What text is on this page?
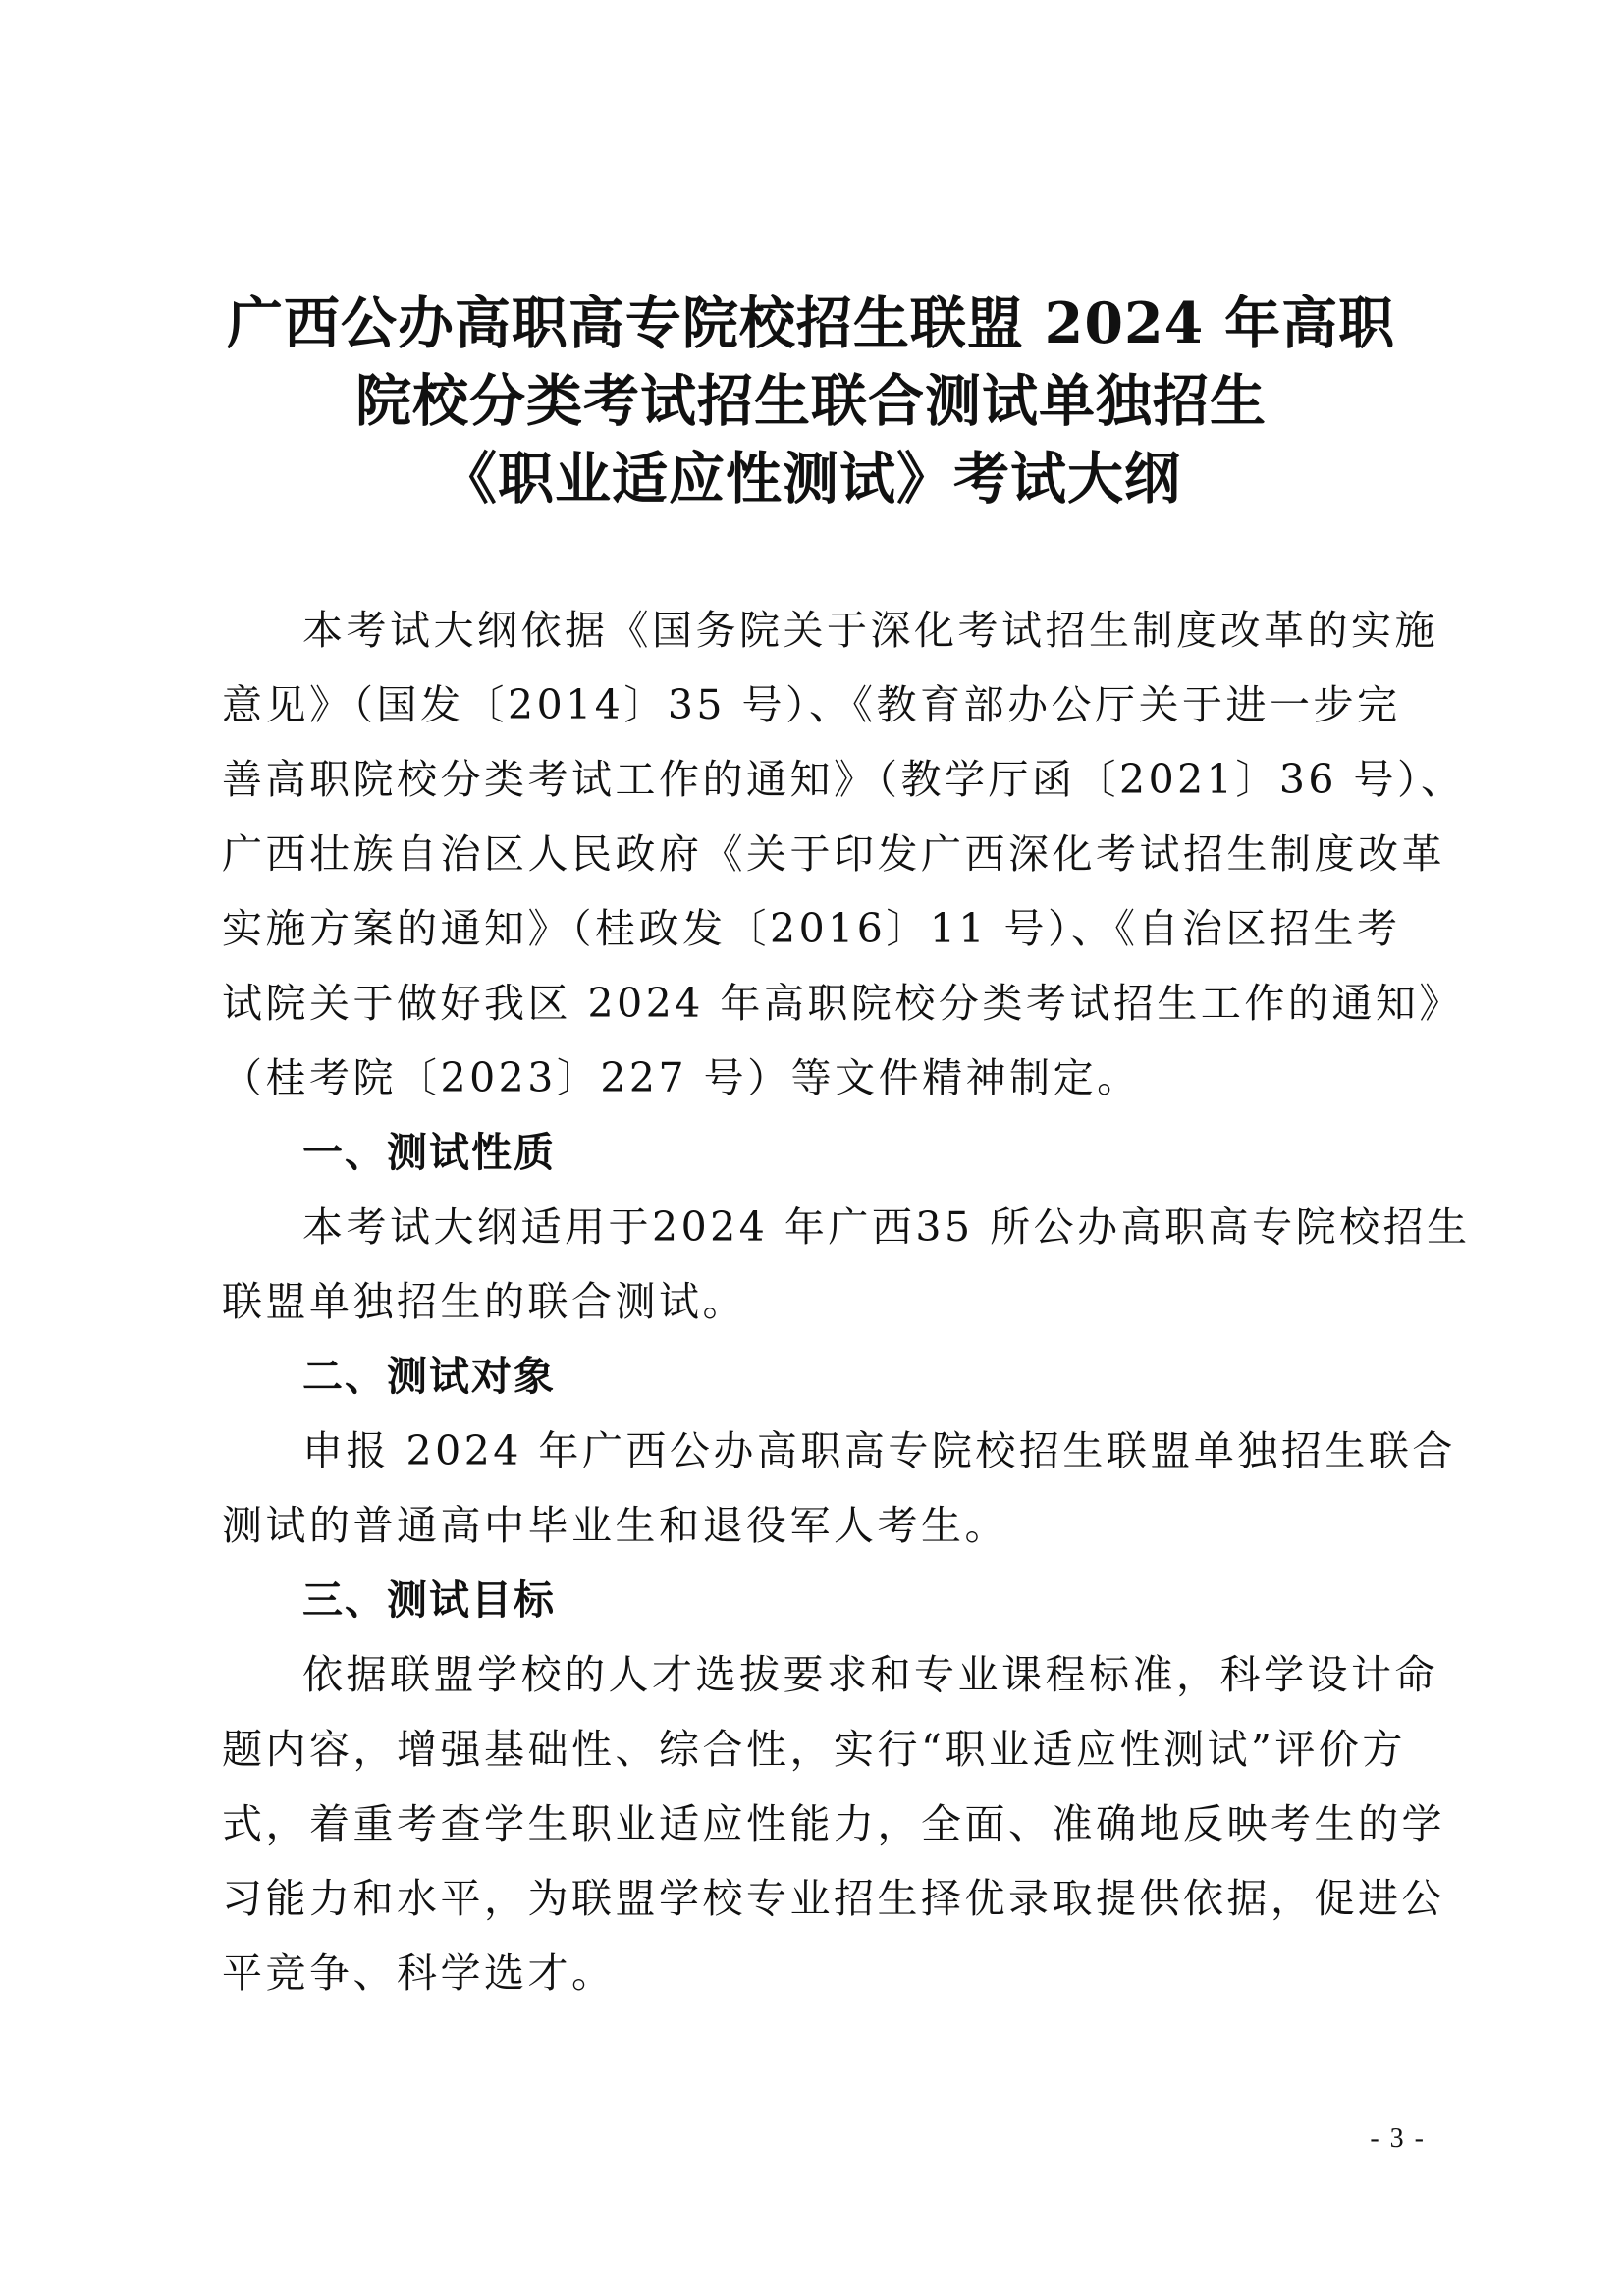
广西公办高职高专院校招生联盟 2024 年高职
院校分类考试招生联合测试单独招生
《职业适应性测试》考试大纲
本考试大纲依据《国务院关于深化考试招生制度改革的实施
意见》（国发〔2014〕35 号）、《教育部办公厅关于进一步完
善高职院校分类考试工作的通知》（教学厅函〔2021〕36 号）、
广西壮族自治区人民政府《关于印发广西深化考试招生制度改革
实施方案的通知》（桂政发〔2016〕11 号）、《自治区招生考
试院关于做好我区 2024 年高职院校分类考试招生工作的通知》
（桂考院〔2023〕227 号）等文件精神制定。
一、测试性质
本考试大纲适用于2024 年广西35 所公办高职高专院校招生
联盟单独招生的联合测试。
二、测试对象
申报 2024 年广西公办高职高专院校招生联盟单独招生联合
测试的普通高中毕业生和退役军人考生。
三、测试目标
依据联盟学校的人才选拔要求和专业课程标准，科学设计命
题内容，增强基础性、综合性，实行“职业适应性测试”评价方
式，着重考查学生职业适应性能力，全面、准确地反映考生的学
习能力和水平，为联盟学校专业招生择优录取提供依据，促进公
平竞争、科学选才。
- 3 -
